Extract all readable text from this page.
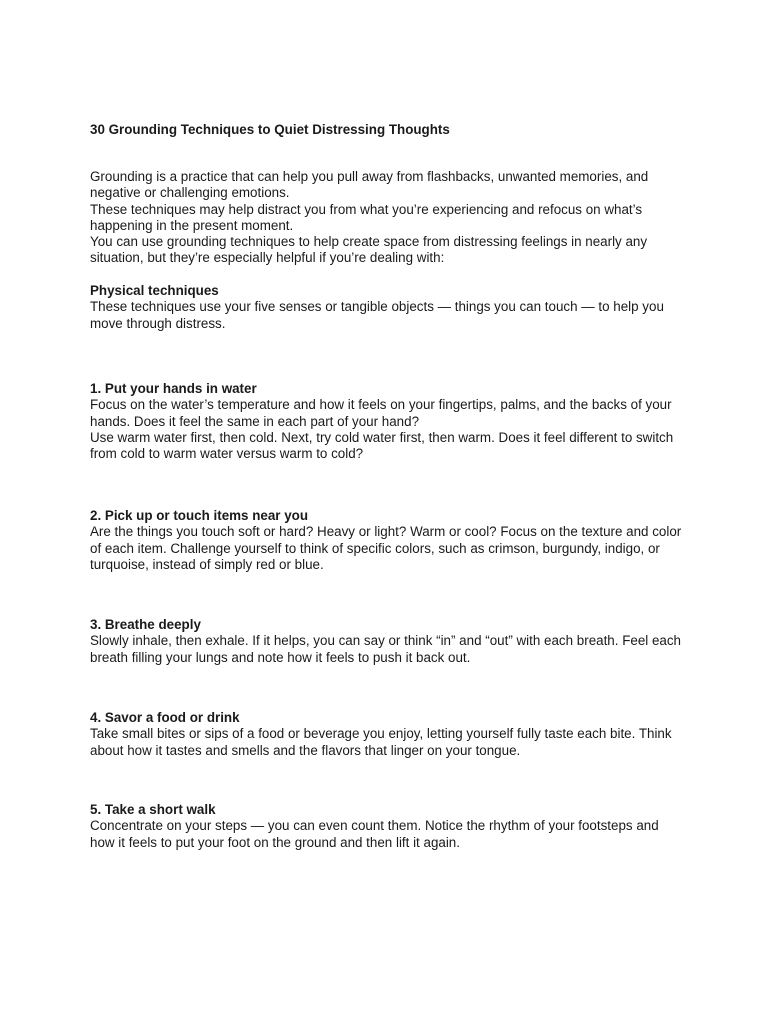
30 Grounding Techniques to Quiet Distressing Thoughts

Grounding is a practice that can help you pull away from flashbacks, unwanted memories, and negative or challenging emotions.

These techniques may help distract you from what you’re experiencing and refocus on what’s happening in the present moment.

You can use grounding techniques to help create space from distressing feelings in nearly any situation, but they’re especially helpful if you’re dealing with:

Physical techniques

These techniques use your five senses or tangible objects — things you can touch — to help you move through distress.

1. Put your hands in water

Focus on the water’s temperature and how it feels on your fingertips, palms, and the backs of your hands. Does it feel the same in each part of your hand?

Use warm water first, then cold. Next, try cold water first, then warm. Does it feel different to switch from cold to warm water versus warm to cold?

2. Pick up or touch items near you

Are the things you touch soft or hard? Heavy or light? Warm or cool? Focus on the texture and color of each item. Challenge yourself to think of specific colors, such as crimson, burgundy, indigo, or turquoise, instead of simply red or blue.

3. Breathe deeply

Slowly inhale, then exhale. If it helps, you can say or think “in” and “out” with each breath. Feel each breath filling your lungs and note how it feels to push it back out.

4. Savor a food or drink

Take small bites or sips of a food or beverage you enjoy, letting yourself fully taste each bite. Think about how it tastes and smells and the flavors that linger on your tongue.

5. Take a short walk

Concentrate on your steps — you can even count them. Notice the rhythm of your footsteps and how it feels to put your foot on the ground and then lift it again.
